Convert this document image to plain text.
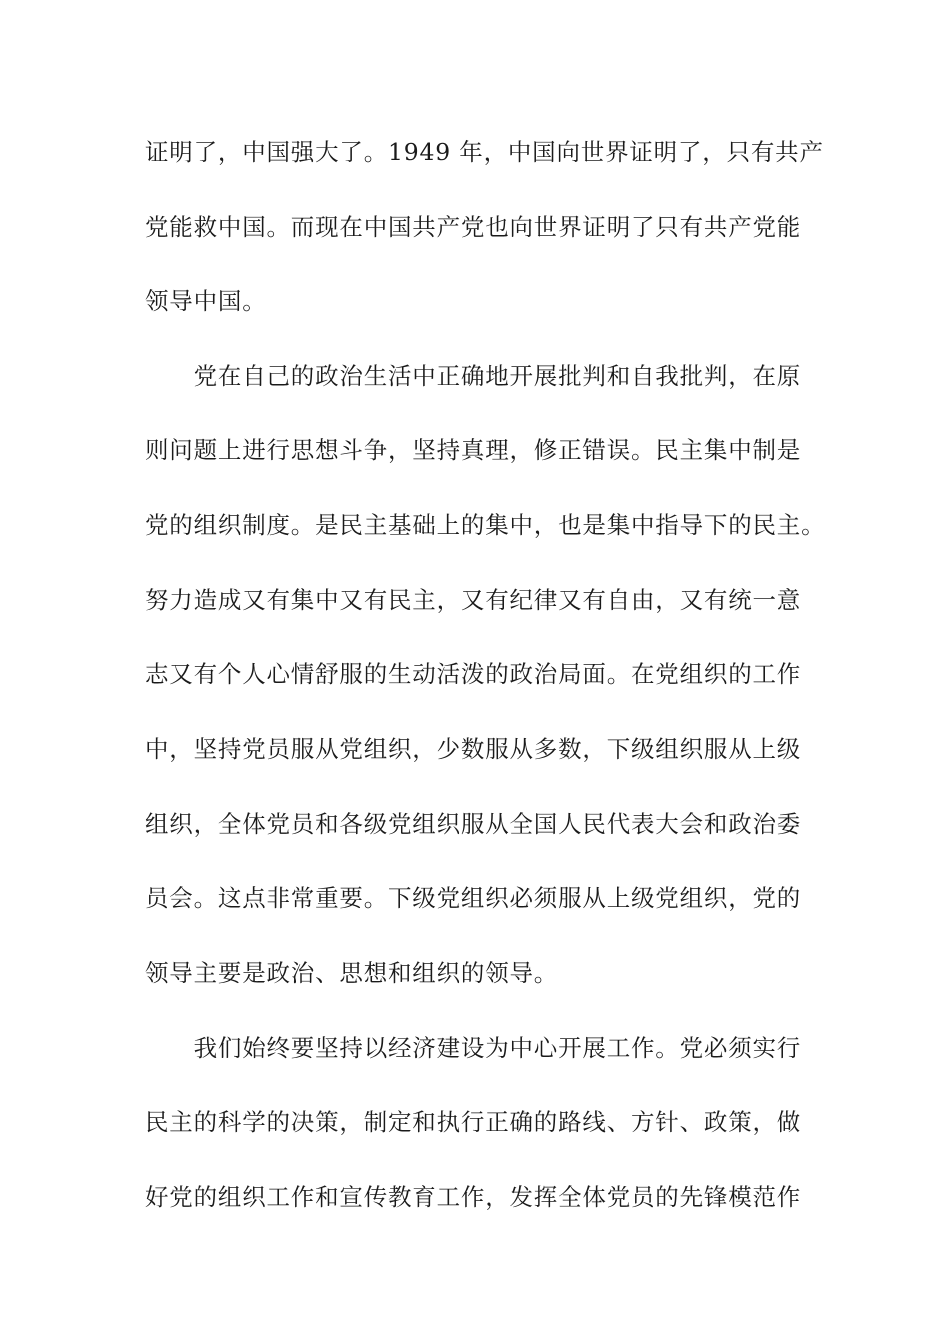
证明了，中国强大了。1949 年，中国向世界证明了，只有共产
党能救中国。而现在中国共产党也向世界证明了只有共产党能
领导中国。
　　党在自己的政治生活中正确地开展批判和自我批判，在原
则问题上进行思想斗争，坚持真理，修正错误。民主集中制是
党的组织制度。是民主基础上的集中，也是集中指导下的民主。
努力造成又有集中又有民主，又有纪律又有自由，又有统一意
志又有个人心情舒服的生动活泼的政治局面。在党组织的工作
中，坚持党员服从党组织，少数服从多数，下级组织服从上级
组织，全体党员和各级党组织服从全国人民代表大会和政治委
员会。这点非常重要。下级党组织必须服从上级党组织，党的
领导主要是政治、思想和组织的领导。
　　我们始终要坚持以经济建设为中心开展工作。党必须实行
民主的科学的决策，制定和执行正确的路线、方针、政策，做
好党的组织工作和宣传教育工作，发挥全体党员的先锋模范作
